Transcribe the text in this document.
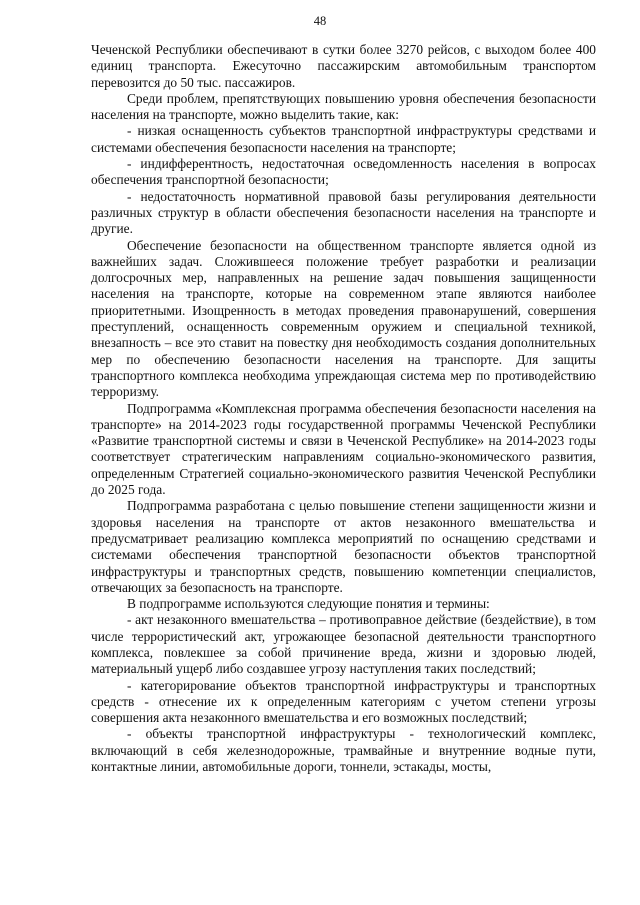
48

Чеченской Республики обеспечивают в сутки более 3270 рейсов, с выходом более 400 единиц транспорта. Ежесуточно пассажирским автомобильным транспортом перевозится до 50 тыс. пассажиров.

Среди проблем, препятствующих повышению уровня обеспечения безопасности населения на транспорте, можно выделить такие, как:

- низкая оснащенность субъектов транспортной инфраструктуры средствами и системами обеспечения безопасности населения на транспорте;

- индифферентность, недостаточная осведомленность населения в вопросах обеспечения транспортной безопасности;

- недостаточность нормативной правовой базы регулирования деятельности различных структур в области обеспечения безопасности населения на транспорте и другие.

Обеспечение безопасности на общественном транспорте является одной из важнейших задач. Сложившееся положение требует разработки и реализации долгосрочных мер, направленных на решение задач повышения защищенности населения на транспорте, которые на современном этапе являются наиболее приоритетными. Изощренность в методах проведения правонарушений, совершения преступлений, оснащенность современным оружием и специальной техникой, внезапность – все это ставит на повестку дня необходимость создания дополнительных мер по обеспечению безопасности населения на транспорте. Для защиты транспортного комплекса необходима упреждающая система мер по противодействию терроризму.

Подпрограмма «Комплексная программа обеспечения безопасности населения на транспорте» на 2014-2023 годы государственной программы Чеченской Республики «Развитие транспортной системы и связи в Чеченской Республике» на 2014-2023 годы соответствует стратегическим направлениям социально-экономического развития, определенным Стратегией социально-экономического развития Чеченской Республики до 2025 года.

Подпрограмма разработана с целью повышение степени защищенности жизни и здоровья населения на транспорте от актов незаконного вмешательства и предусматривает реализацию комплекса мероприятий по оснащению средствами и системами обеспечения транспортной безопасности объектов транспортной инфраструктуры и транспортных средств, повышению компетенции специалистов, отвечающих за безопасность на транспорте.

В подпрограмме используются следующие понятия и термины:

- акт незаконного вмешательства – противоправное действие (бездействие), в том числе террористический акт, угрожающее безопасной деятельности транспортного комплекса, повлекшее за собой причинение вреда, жизни и здоровью людей, материальный ущерб либо создавшее угрозу наступления таких последствий;

- категорирование объектов транспортной инфраструктуры и транспортных средств - отнесение их к определенным категориям с учетом степени угрозы совершения акта незаконного вмешательства и его возможных последствий;

- объекты транспортной инфраструктуры - технологический комплекс, включающий в себя железнодорожные, трамвайные и внутренние водные пути, контактные линии, автомобильные дороги, тоннели, эстакады, мосты,
